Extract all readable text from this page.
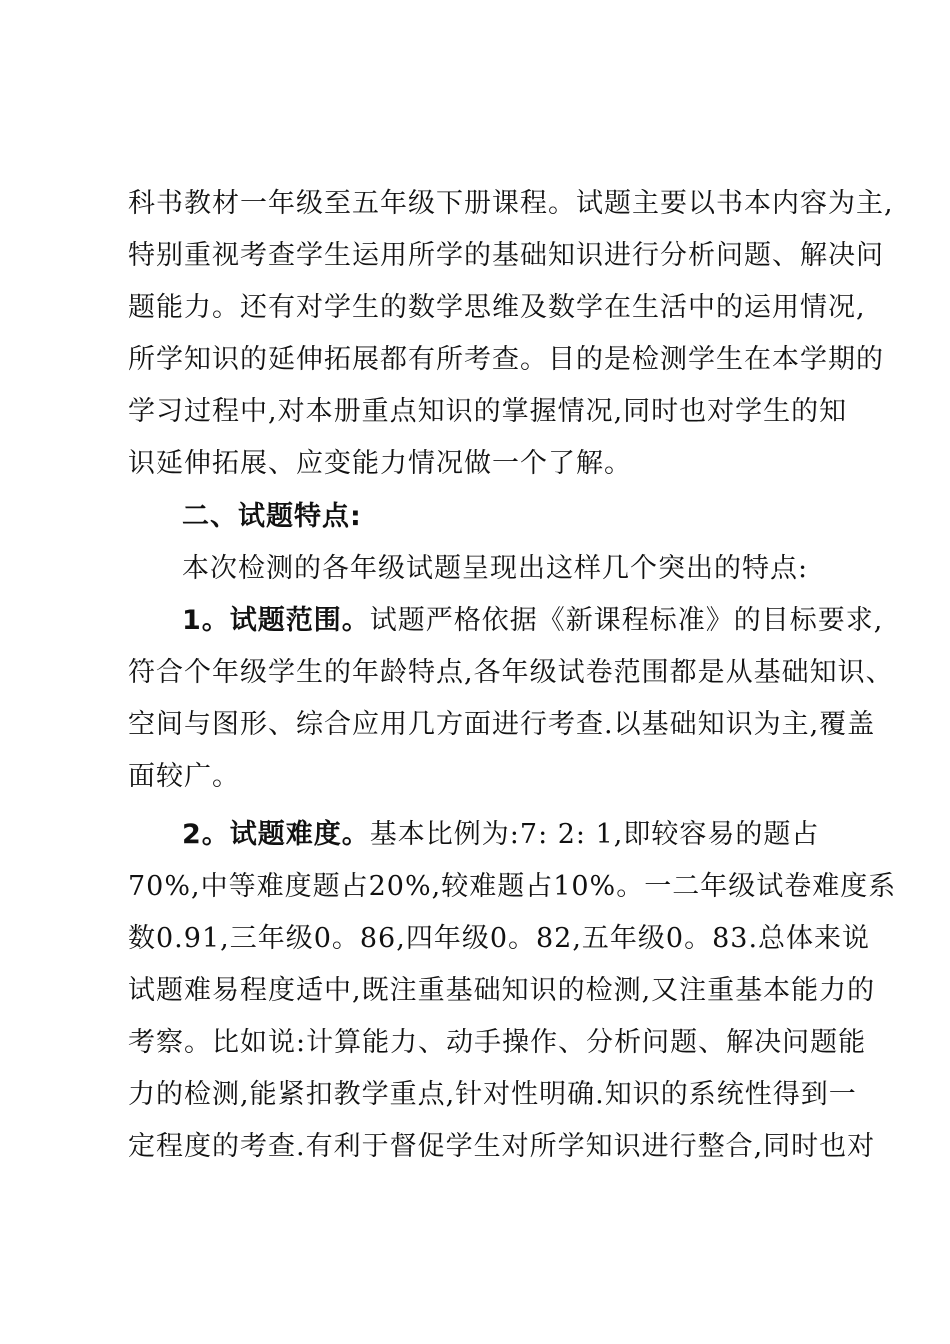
科书教材一年级至五年级下册课程。试题主要以书本内容为主,
特别重视考查学生运用所学的基础知识进行分析问题、解决问
题能力。还有对学生的数学思维及数学在生活中的运用情况,
所学知识的延伸拓展都有所考查。目的是检测学生在本学期的
学习过程中,对本册重点知识的掌握情况,同时也对学生的知
识延伸拓展、应变能力情况做一个了解。
二、试题特点:
本次检测的各年级试题呈现出这样几个突出的特点:
1。试题范围。试题严格依据《新课程标准》的目标要求,
符合个年级学生的年龄特点,各年级试卷范围都是从基础知识、
空间与图形、综合应用几方面进行考查.以基础知识为主,覆盖
面较广。
2。试题难度。基本比例为:7: 2: 1,即较容易的题占
70%,中等难度题占20%,较难题占10%。一二年级试卷难度系
数0.91,三年级0。86,四年级0。82,五年级0。83.总体来说
试题难易程度适中,既注重基础知识的检测,又注重基本能力的
考察。比如说:计算能力、动手操作、分析问题、解决问题能
力的检测,能紧扣教学重点,针对性明确.知识的系统性得到一
定程度的考查.有利于督促学生对所学知识进行整合,同时也对
